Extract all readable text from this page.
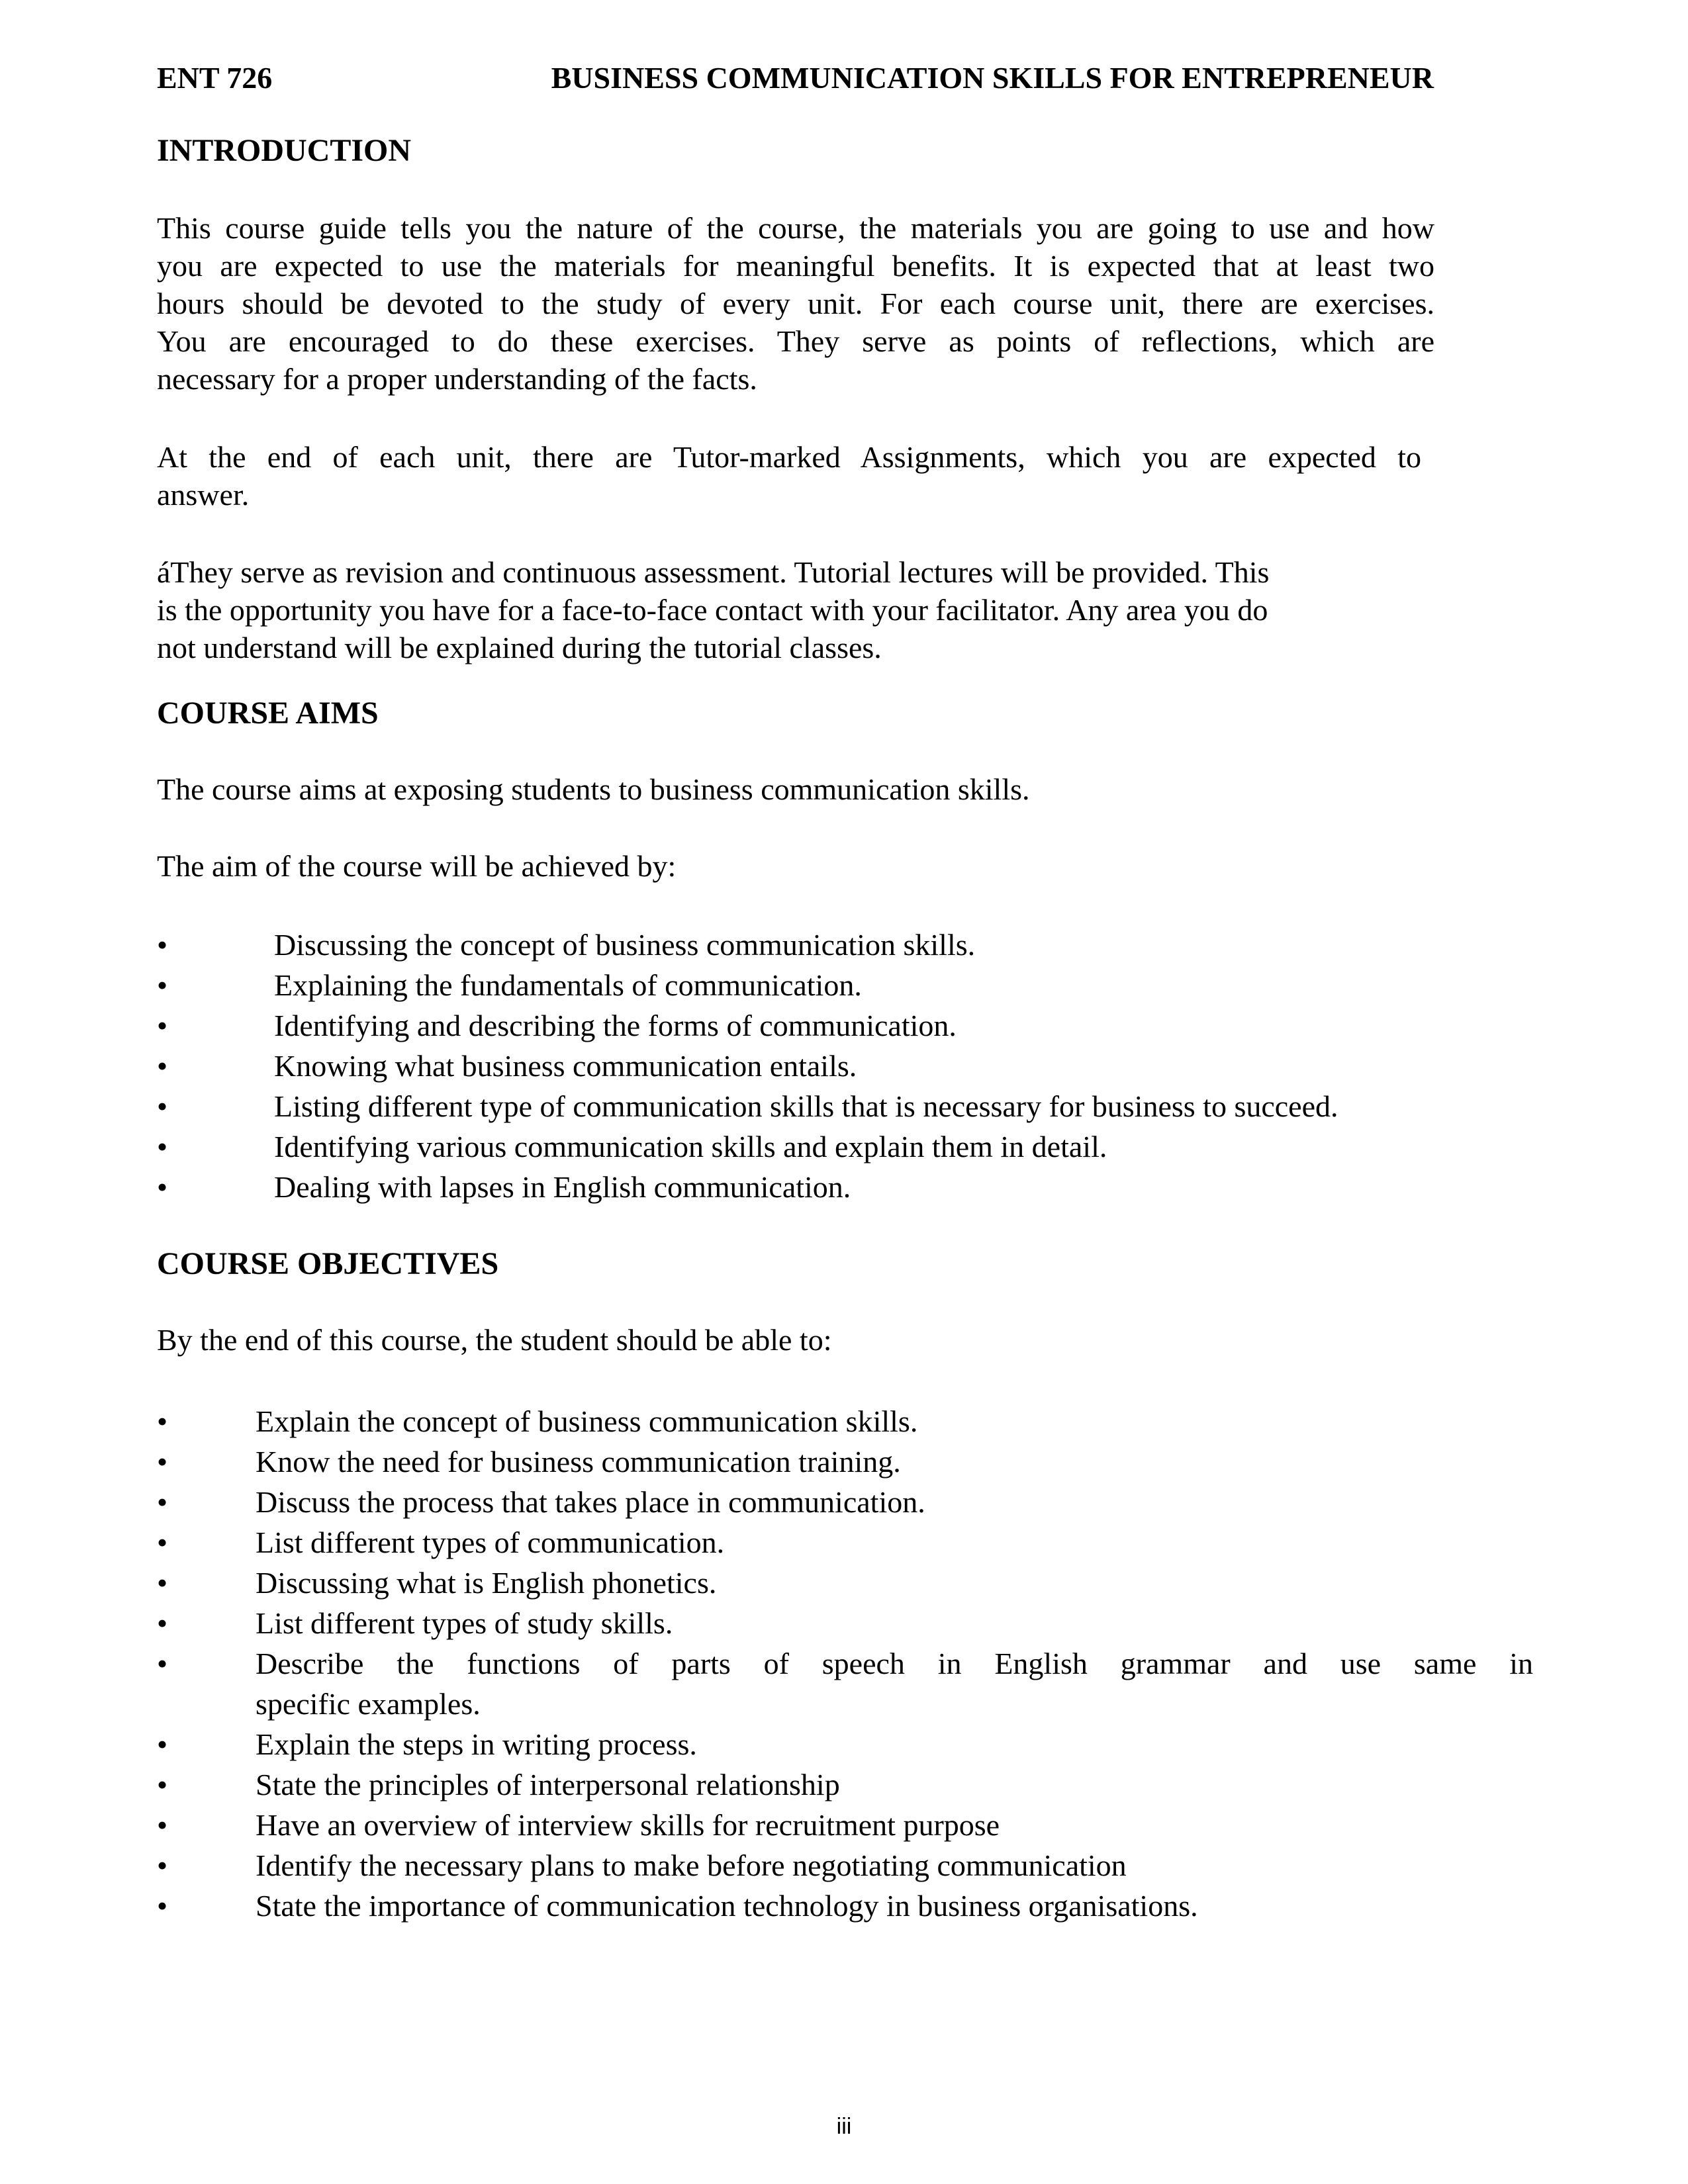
ENT 726	BUSINESS COMMUNICATION SKILLS FOR ENTREPRENEUR
INTRODUCTION
This course guide tells you the nature of the course, the materials you are going to use and how
you are expected to use the materials for meaningful benefits. It is expected that at least two
hours should be devoted to the study of every unit. For each course unit, there are exercises.
You are encouraged to do these exercises. They serve as points of reflections, which are
necessary for a proper understanding of the facts.
At the end of each unit, there are Tutor-marked Assignments, which you are expected to
answer.
áThey serve as revision and continuous assessment. Tutorial lectures will be provided. This
is the opportunity you have for a face-to-face contact with your facilitator. Any area you do
not understand will be explained during the tutorial classes.
COURSE AIMS
The course aims at exposing students to business communication skills.
The aim of the course will be achieved by:
•	Discussing the concept of business communication skills.
•	Explaining the fundamentals of communication.
•	Identifying and describing the forms of communication.
•	Knowing what business communication entails.
•	Listing different type of communication skills that is necessary for business to succeed.
•	Identifying various communication skills and explain them in detail.
•	Dealing with lapses in English communication.
COURSE OBJECTIVES
By the end of this course, the student should be able to:
•	Explain the concept of business communication skills.
•	Know the need for business communication training.
•	Discuss the process that takes place in communication.
•	List different types of communication.
•	Discussing what is English phonetics.
•	List different types of study skills.
•	Describe the functions of parts of speech in English grammar and use same in
specific examples.
•	Explain the steps in writing process.
•	State the principles of interpersonal relationship
•	Have an overview of interview skills for recruitment purpose
•	Identify the necessary plans to make before negotiating communication
•	State the importance of communication technology in business organisations.
iii
